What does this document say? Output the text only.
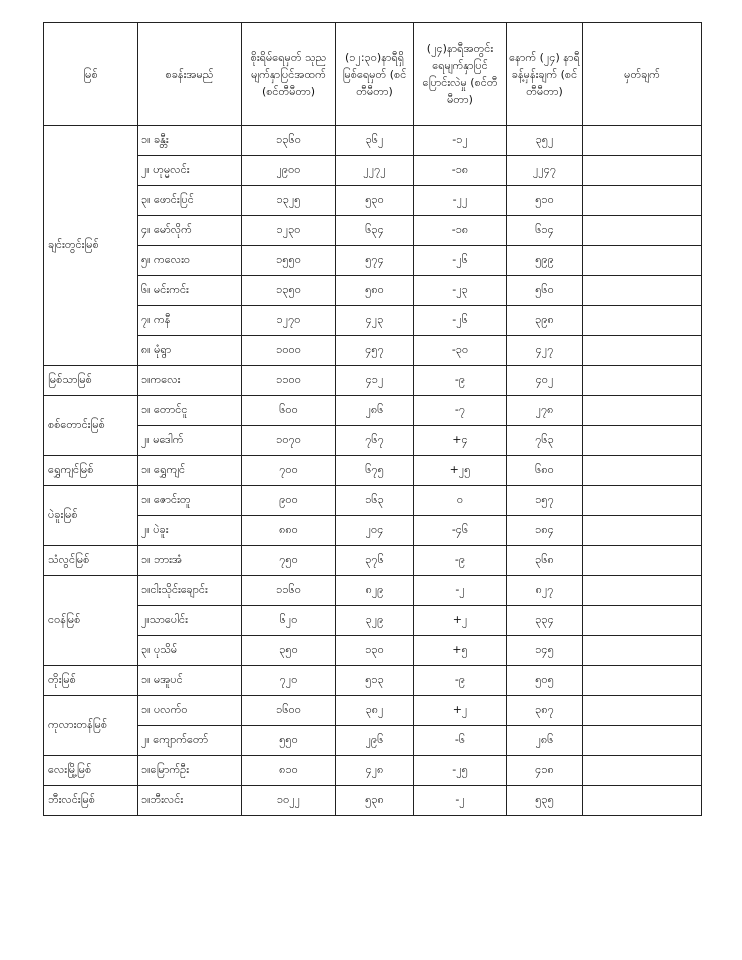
မြစ်	စခန်းအမည်	စိုးရိမ်ရေမှတ် သုညမျက်နှာပြင်အထက် (စင်တီမီတာ)	(၁၂:၃၀)နာရီရှိ မြစ်ရေမှတ် (စင်တီမီတာ)	(၂၄)နာရီအတွင်း ရေမျက်နှာပြင် ပြောင်းလဲမှု (စင်တီမီတာ)	နောက် (၂၄) နာရီ ခန့်မှန်းချက် (စင်တီမီတာ)	မှတ်ချက်
ချင်းတွင်းမြစ်	၁။ ခန္တီး	၁၃၆၀	၃၆၂	-၁၂	၃၅၂	
	၂။ ဟုမ္မလင်း	၂၉၀၀	၂၂၇၂	-၁၈	၂၂၄၇	
	၃။ ဖောင်းပြင်	၁၃၂၅	၅၃၀	-၂၂	၅၁၀	
	၄။ မော်လိုက်	၁၂၃၀	၆၃၄	-၁၈	၆၁၄	
	၅။ ကလေးဝ	၁၅၅၀	၅၇၄	-၂၆	၅၉၉	
	၆။ မင်းကင်း	၁၃၅၀	၅၈၀	-၂၃	၅၆၀	
	၇။ ကနီ	၁၂၇၀	၄၂၃	-၂၆	၃၉၈	
	၈။ မုံရွာ	၁၀၀၀	၄၅၇	-၃၀	၄၂၇	
မြစ်သာမြစ်	၁။ကလေး	၁၁၀၀	၄၁၂	-၉	၄၀၂	
စစ်တောင်းမြစ်	၁။ တောင်ငူ	၆၀၀	၂၈၆	-၇	၂၇၈	
	၂။ မဒေါက်	၁၀၇၀	၇၆၇	+၄	၇၆၃	
ရွှေကျင်မြစ်	၁။ ရွှေကျင်	၇၀၀	၆၇၅	+၂၅	၆၈၀	
ပဲခူးမြစ်	၁။ ဇောင်းတူ	၉၀၀	၁၆၃	၀	၁၅၇	
	၂။ ပဲခူး	၈၈၀	၂၀၄	-၄၆	၁၈၄	
သံလွင်မြစ်	၁။ ဘားအံ	၇၅၀	၃၇၆	-၉	၃၆၈	
ငဝန်မြစ်	၁။ငါးသိုင်းချောင်း	၁၁၆၀	၈၂၉	-၂	၈၂၇	
	၂။သာပေါင်း	၆၂၀	၃၂၉	+၂	၃၃၄	
	၃။ ပုသိမ်	၃၅၀	၁၃၀	+၅	၁၄၅	
တိုးမြစ်	၁။ မအူပင်	၇၂၀	၅၁၃	-၉	၅၀၅	
ကုလားတန်မြစ်	၁။ ပလက်ဝ	၁၆၀၀	၃၈၂	+၂	၃၈၇	
	၂။ ကျောက်တော်	၅၅၀	၂၉၆	-၆	၂၈၆	
လေးမြို့မြစ်	၁။မြောက်ဦး	၈၁၀	၄၂၈	-၂၅	၄၁၈	
ဘီးလင်းမြစ်	၁။ဘီးလင်း	၁၀၂၂	၅၃၈	-၂	၅၃၅	
